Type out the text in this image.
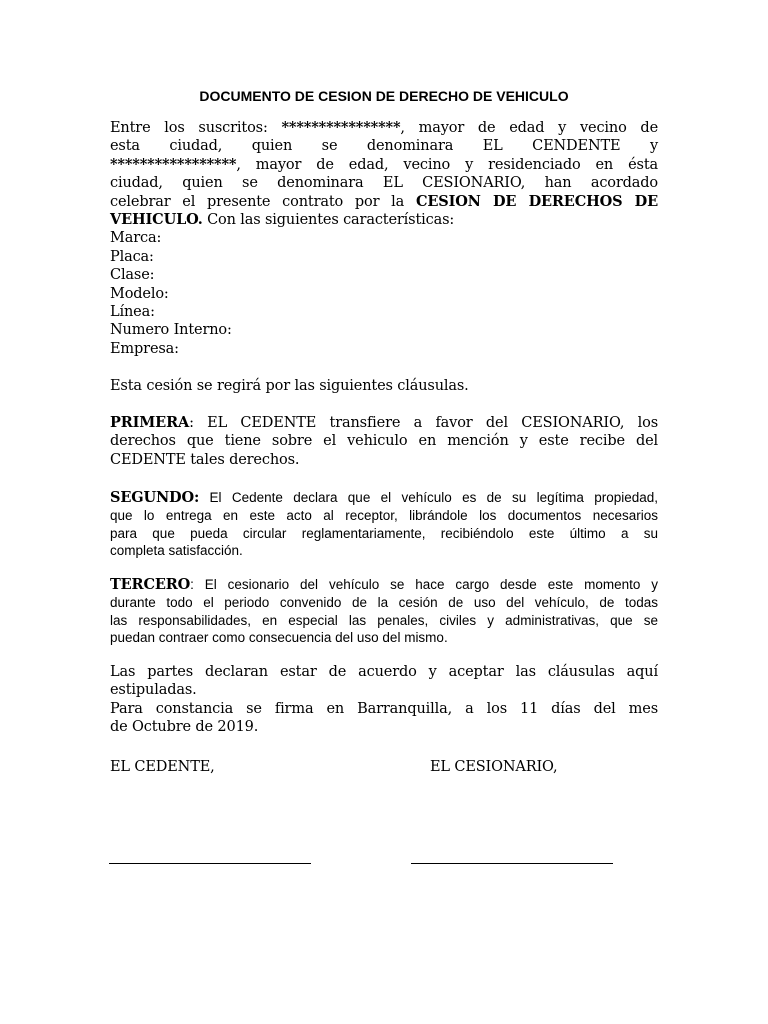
DOCUMENTO DE CESION DE DERECHO DE VEHICULO

Entre los suscritos: ****************, mayor de edad y vecino de
esta ciudad, quien se denominara EL CENDENTE y
*****************, mayor de edad, vecino y residenciado en ésta
ciudad, quien se denominara EL CESIONARIO, han acordado
celebrar el presente contrato por la CESION DE DERECHOS DE
VEHICULO. Con las siguientes características:
Marca:
Placa:
Clase:
Modelo:
Línea:
Numero Interno:
Empresa:

Esta cesión se regirá por las siguientes cláusulas.

PRIMERA: EL CEDENTE transfiere a favor del CESIONARIO, los
derechos que tiene sobre el vehiculo en mención y este recibe del
CEDENTE tales derechos.

SEGUNDO: El Cedente declara que el vehículo es de su legítima propiedad,
que lo entrega en este acto al receptor, librándole los documentos necesarios
para que pueda circular reglamentariamente, recibiéndolo este último a su
completa satisfacción.

TERCERO: El cesionario del vehículo se hace cargo desde este momento y
durante todo el periodo convenido de la cesión de uso del vehículo, de todas
las responsabilidades, en especial las penales, civiles y administrativas, que se
puedan contraer como consecuencia del uso del mismo.

Las partes declaran estar de acuerdo y aceptar las cláusulas aquí
estipuladas.
Para constancia se firma en Barranquilla, a los 11 días del mes
de Octubre de 2019.

EL CEDENTE,	EL CESIONARIO,
